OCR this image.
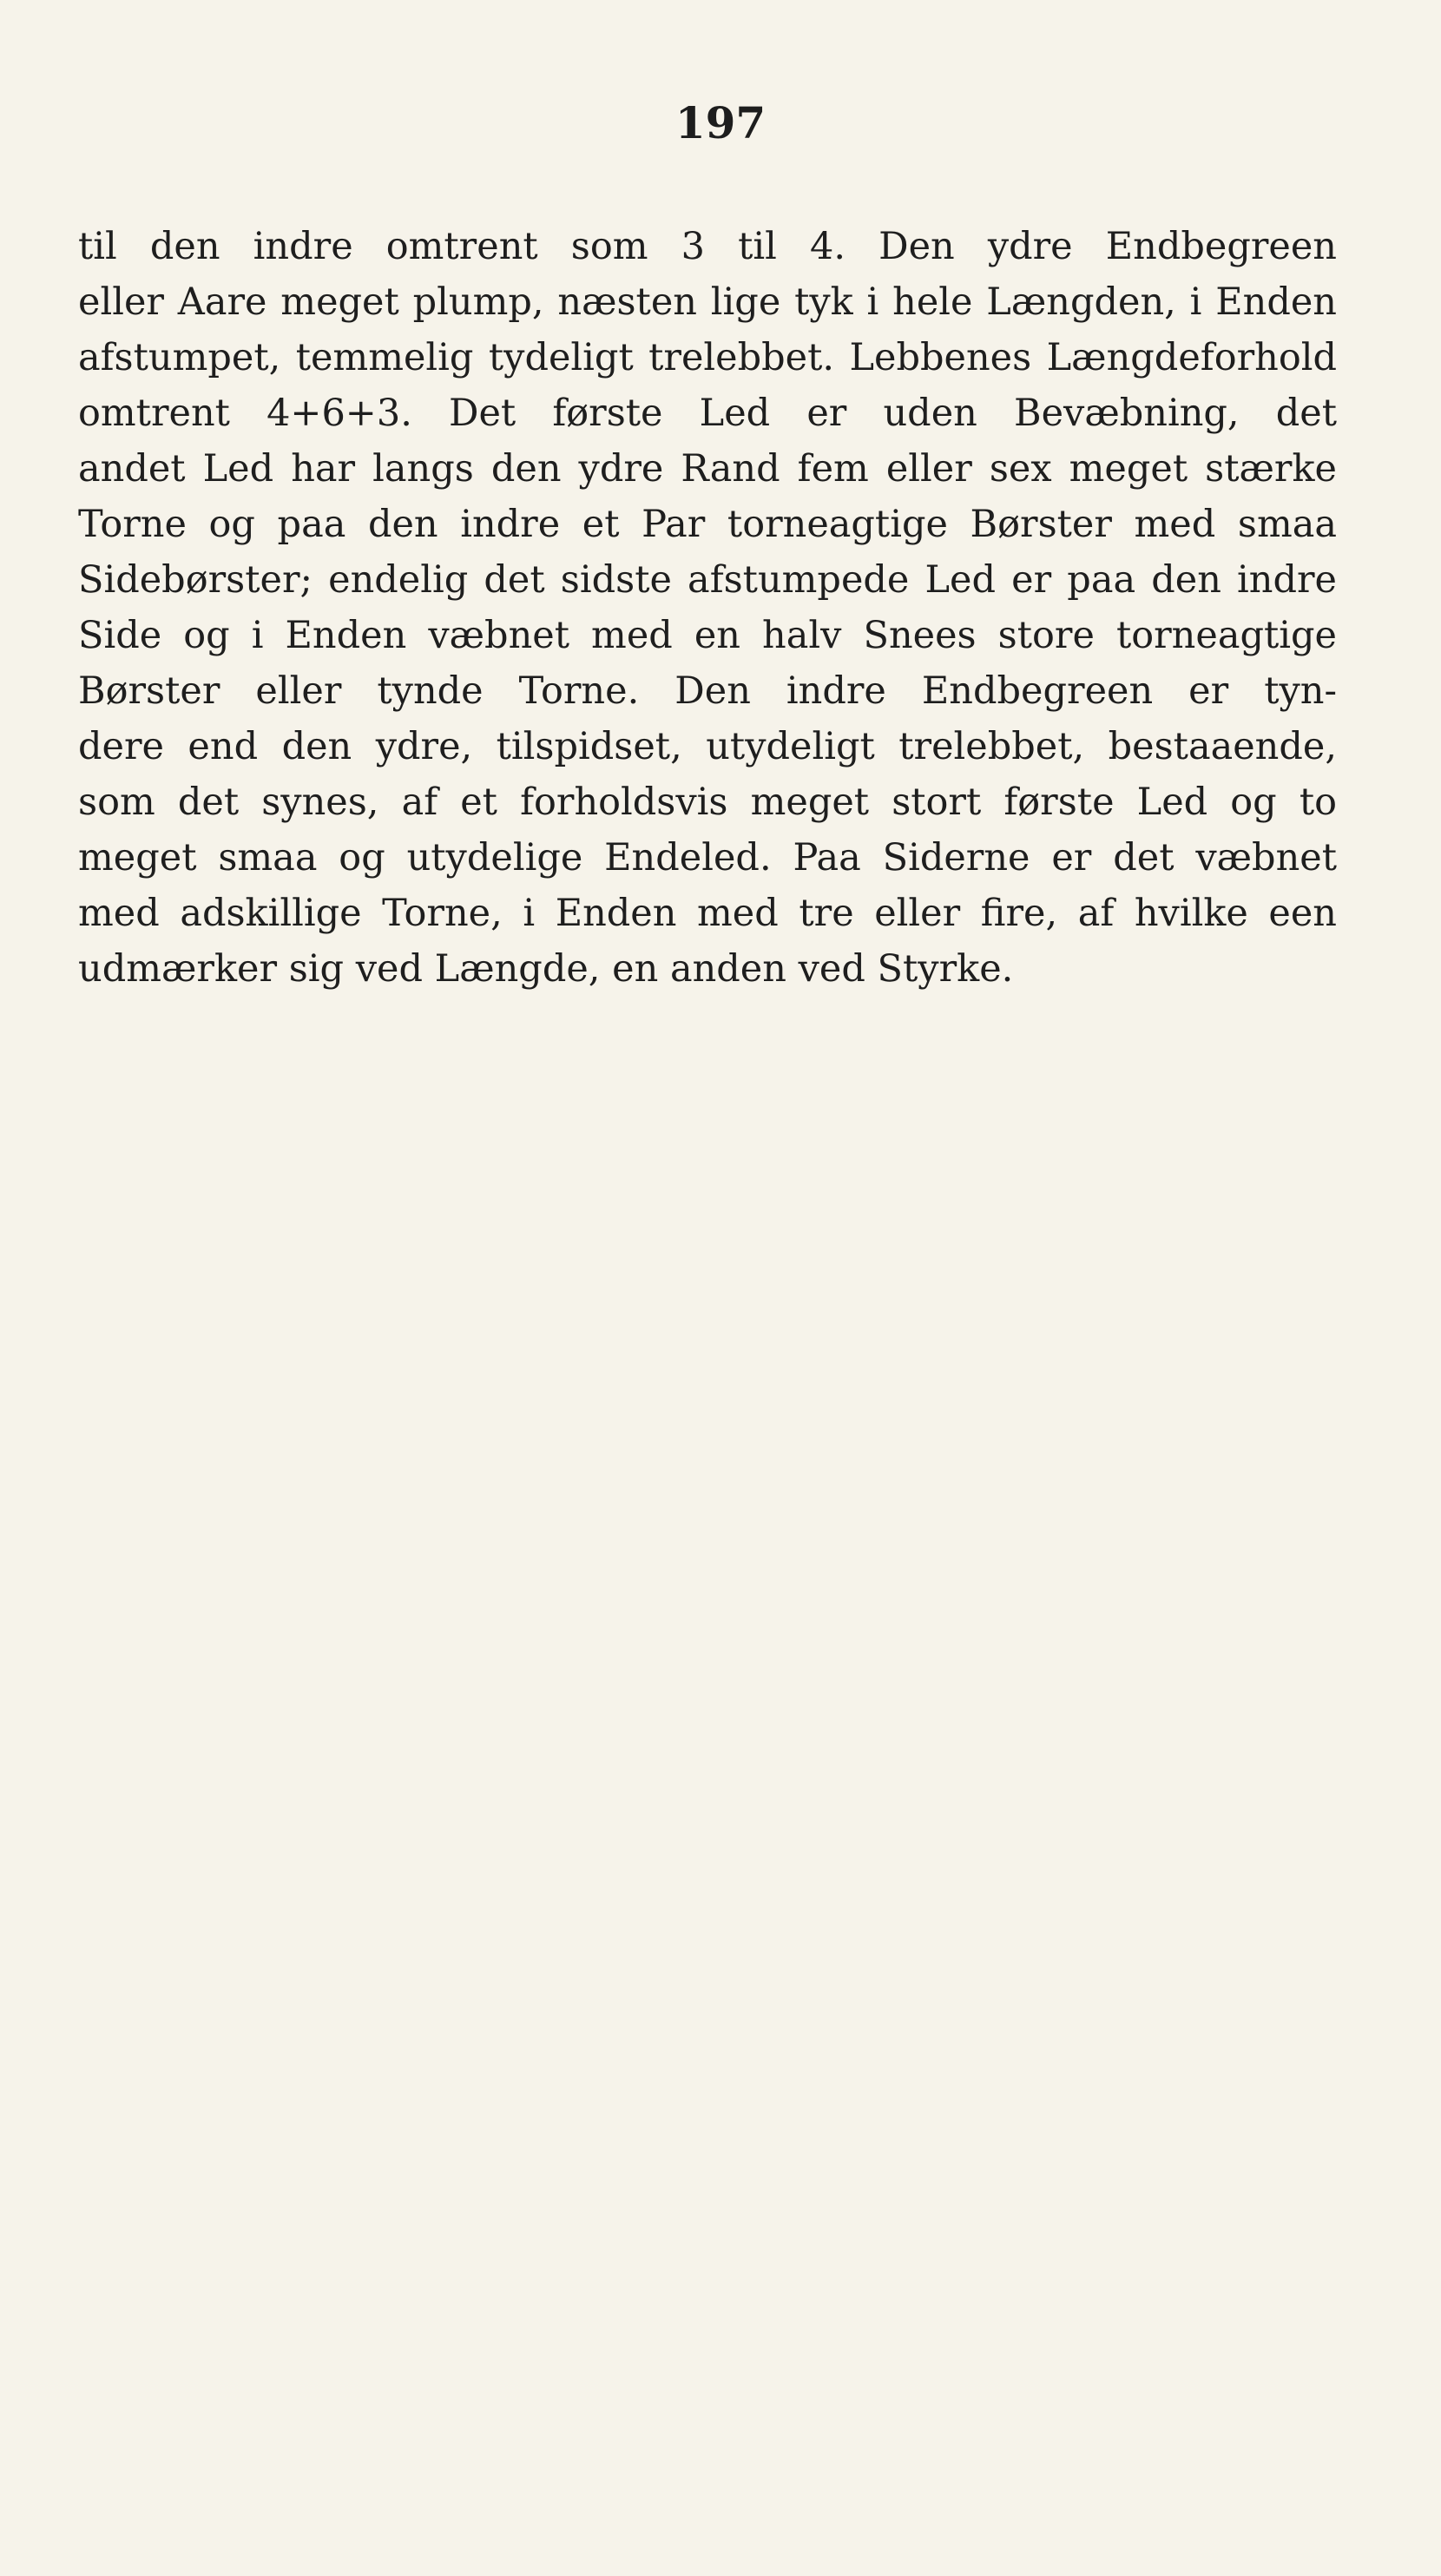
197
til den indre omtrent som 3 til 4. Den ydre Endbegreen
eller Aare meget plump, næsten lige tyk i hele Længden, i Enden
afstumpet, temmelig tydeligt trelebbet. Lebbenes Længdeforhold
omtrent 4+6+3. Det første Led er uden Bevæbning, det
andet Led har langs den ydre Rand fem eller sex meget stærke
Torne og paa den indre et Par torneagtige Børster med smaa
Sidebørster; endelig det sidste afstumpede Led er paa den indre
Side og i Enden væbnet med en halv Snees store torneagtige
Børster eller tynde Torne. Den indre Endbegreen er tyn-
dere end den ydre, tilspidset, utydeligt trelebbet, bestaaende,
som det synes, af et forholdsvis meget stort første Led og to
meget smaa og utydelige Endeled. Paa Siderne er det væbnet
med adskillige Torne, i Enden med tre eller fire, af hvilke een
udmærker sig ved Længde, en anden ved Styrke.
